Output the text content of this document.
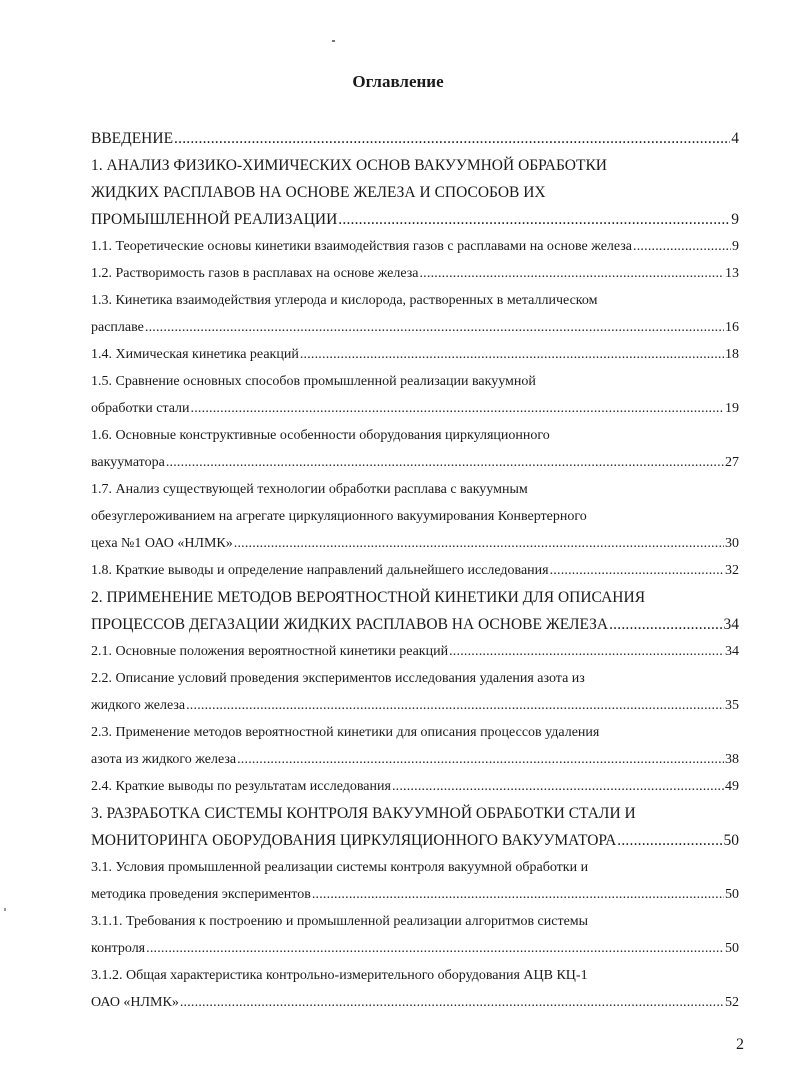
Оглавление
ВВЕДЕНИЕ .....	4
1. АНАЛИЗ ФИЗИКО-ХИМИЧЕСКИХ ОСНОВ ВАКУУМНОЙ ОБРАБОТКИ
ЖИДКИХ РАСПЛАВОВ НА ОСНОВЕ ЖЕЛЕЗА И СПОСОБОВ ИХ
ПРОМЫШЛЕННОЙ РЕАЛИЗАЦИИ .....	9
1.1. Теоретические основы кинетики взаимодействия газов с расплавами на основе железа .....	9
1.2. Растворимость газов в расплавах на основе железа .....	13
1.3. Кинетика взаимодействия углерода и кислорода, растворенных в металлическом
расплаве .....	16
1.4. Химическая кинетика реакций .....	18
1.5. Сравнение основных способов промышленной реализации вакуумной
обработки стали .....	19
1.6. Основные конструктивные особенности оборудования циркуляционного
вакууматора .....	27
1.7. Анализ существующей технологии обработки расплава с вакуумным
обезуглероживанием на агрегате циркуляционного вакуумирования Конвертерного
цеха №1 ОАО «НЛМК» .....	30
1.8. Краткие выводы и определение направлений дальнейшего исследования .....	32
2. ПРИМЕНЕНИЕ МЕТОДОВ ВЕРОЯТНОСТНОЙ КИНЕТИКИ ДЛЯ ОПИСАНИЯ
ПРОЦЕССОВ ДЕГАЗАЦИИ ЖИДКИХ РАСПЛАВОВ НА ОСНОВЕ ЖЕЛЕЗА .....	34
2.1. Основные положения вероятностной кинетики реакций .....	34
2.2. Описание условий проведения экспериментов исследования удаления азота из
жидкого железа .....	35
2.3. Применение методов вероятностной кинетики для описания процессов удаления
азота из жидкого железа .....	38
2.4. Краткие выводы по результатам исследования .....	49
3. РАЗРАБОТКА СИСТЕМЫ КОНТРОЛЯ ВАКУУМНОЙ ОБРАБОТКИ СТАЛИ И
МОНИТОРИНГА ОБОРУДОВАНИЯ ЦИРКУЛЯЦИОННОГО ВАКУУМАТОРА .....	50
3.1. Условия промышленной реализации системы контроля вакуумной обработки и
методика проведения экспериментов .....	50
3.1.1. Требования к построению и промышленной реализации алгоритмов системы
контроля .....	50
3.1.2. Общая характеристика контрольно-измерительного оборудования АЦВ КЦ-1
ОАО «НЛМК» .....	52
2
